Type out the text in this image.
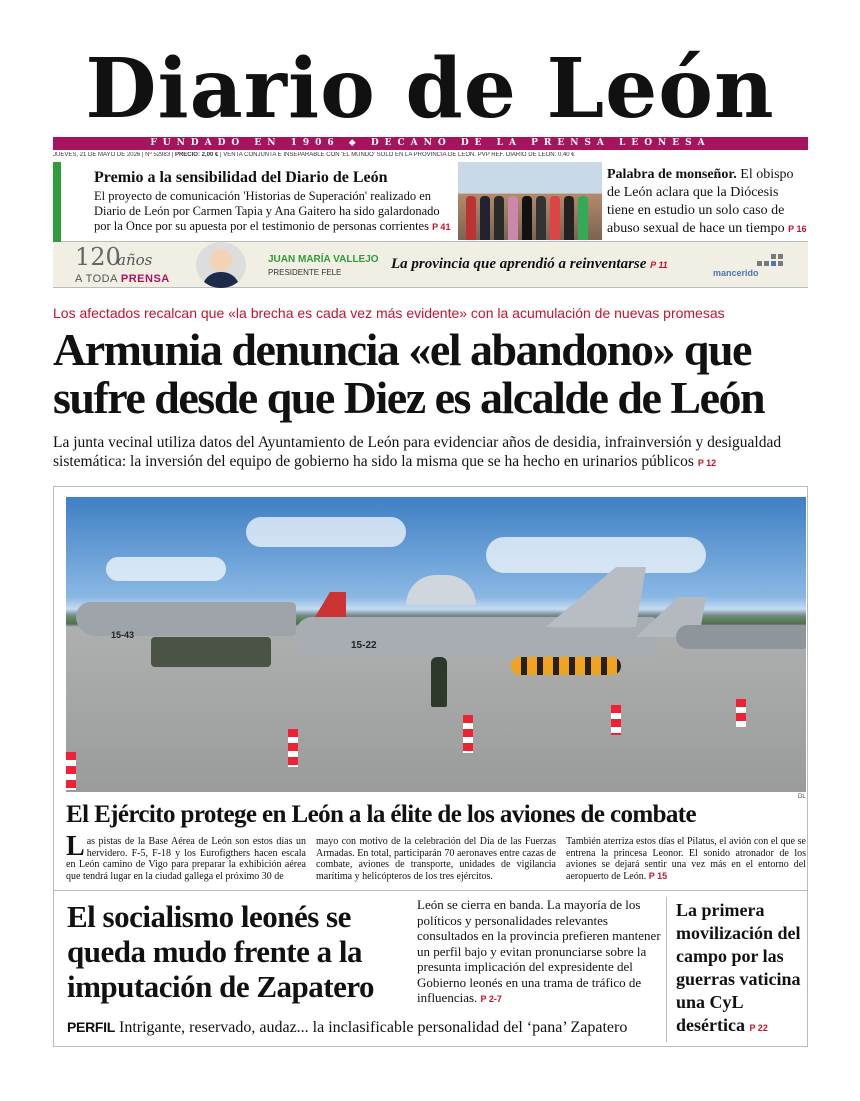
Diario de León
FUNDADO EN 1906 ◆ DECANO DE LA PRENSA LEONESA
JUEVES, 21 DE MAYO DE 2026 | Nº 52983 | PRECIO: 2,00 € | VENTA CONJUNTA E INSEPARABLE CON 'EL MUNDO' SÓLO EN LA PROVINCIA DE LEÓN. PVP REF. DIARIO DE LEÓN: 0,40 €
Premio a la sensibilidad del Diario de León

El proyecto de comunicación 'Historias de Superación' realizado en Diario de León por Carmen Tapia y Ana Gaitero ha sido galardonado por la Once por su apuesta por el testimonio de personas corrientes P 41

Palabra de monseñor. El obispo de León aclara que la Diócesis tiene en estudio un solo caso de abuso sexual de hace un tiempo P 16
120
años
A TODA PRENSA
JUAN MARÍA VALLEJO
PRESIDENTE FELE
La provincia que aprendió a reinventarse P 11
mancerido
Los afectados recalcan que «la brecha es cada vez más evidente» con la acumulación de nuevas promesas
Armunia denuncia «el abandono» que sufre desde que Diez es alcalde de León

La junta vecinal utiliza datos del Ayuntamiento de León para evidenciar años de desidia, infrainversión y desigualdad sistemática: la inversión del equipo de gobierno ha sido la misma que se ha hecho en urinarios públicos P 12

15-22
15-43
DL
El Ejército protege en León a la élite de los aviones de combate
Las pistas de la Base Aérea de León son estos días un hervidero. F-5, F-18 y los Eurofigthers hacen escala en León camino de Vigo para preparar la exhibición aérea que tendrá lugar en la ciudad gallega el próximo 30 de
mayo con motivo de la celebración del Día de las Fuerzas Armadas. En total, participarán 70 aeronaves entre cazas de combate, aviones de transporte, unidades de vigilancia marítima y helicópteros de los tres ejércitos.
También aterriza estos días el Pilatus, el avión con el que se entrena la princesa Leonor. El sonido atronador de los aviones se dejará sentir una vez más en el entorno del aeropuerto de León. P 15
El socialismo leonés se queda mudo frente a la imputación de Zapatero

León se cierra en banda. La mayoría de los políticos y personalidades relevantes consultados en la provincia prefieren mantener un perfil bajo y evitan pronunciarse sobre la presunta implicación del expresidente del Gobierno leonés en una trama de tráfico de influencias. P 2-7

La primera movilización del campo por las guerras vaticina una CyL desértica P 22
PERFIL Intrigante, reservado, audaz... la inclasificable personalidad del ‘pana’ Zapatero
